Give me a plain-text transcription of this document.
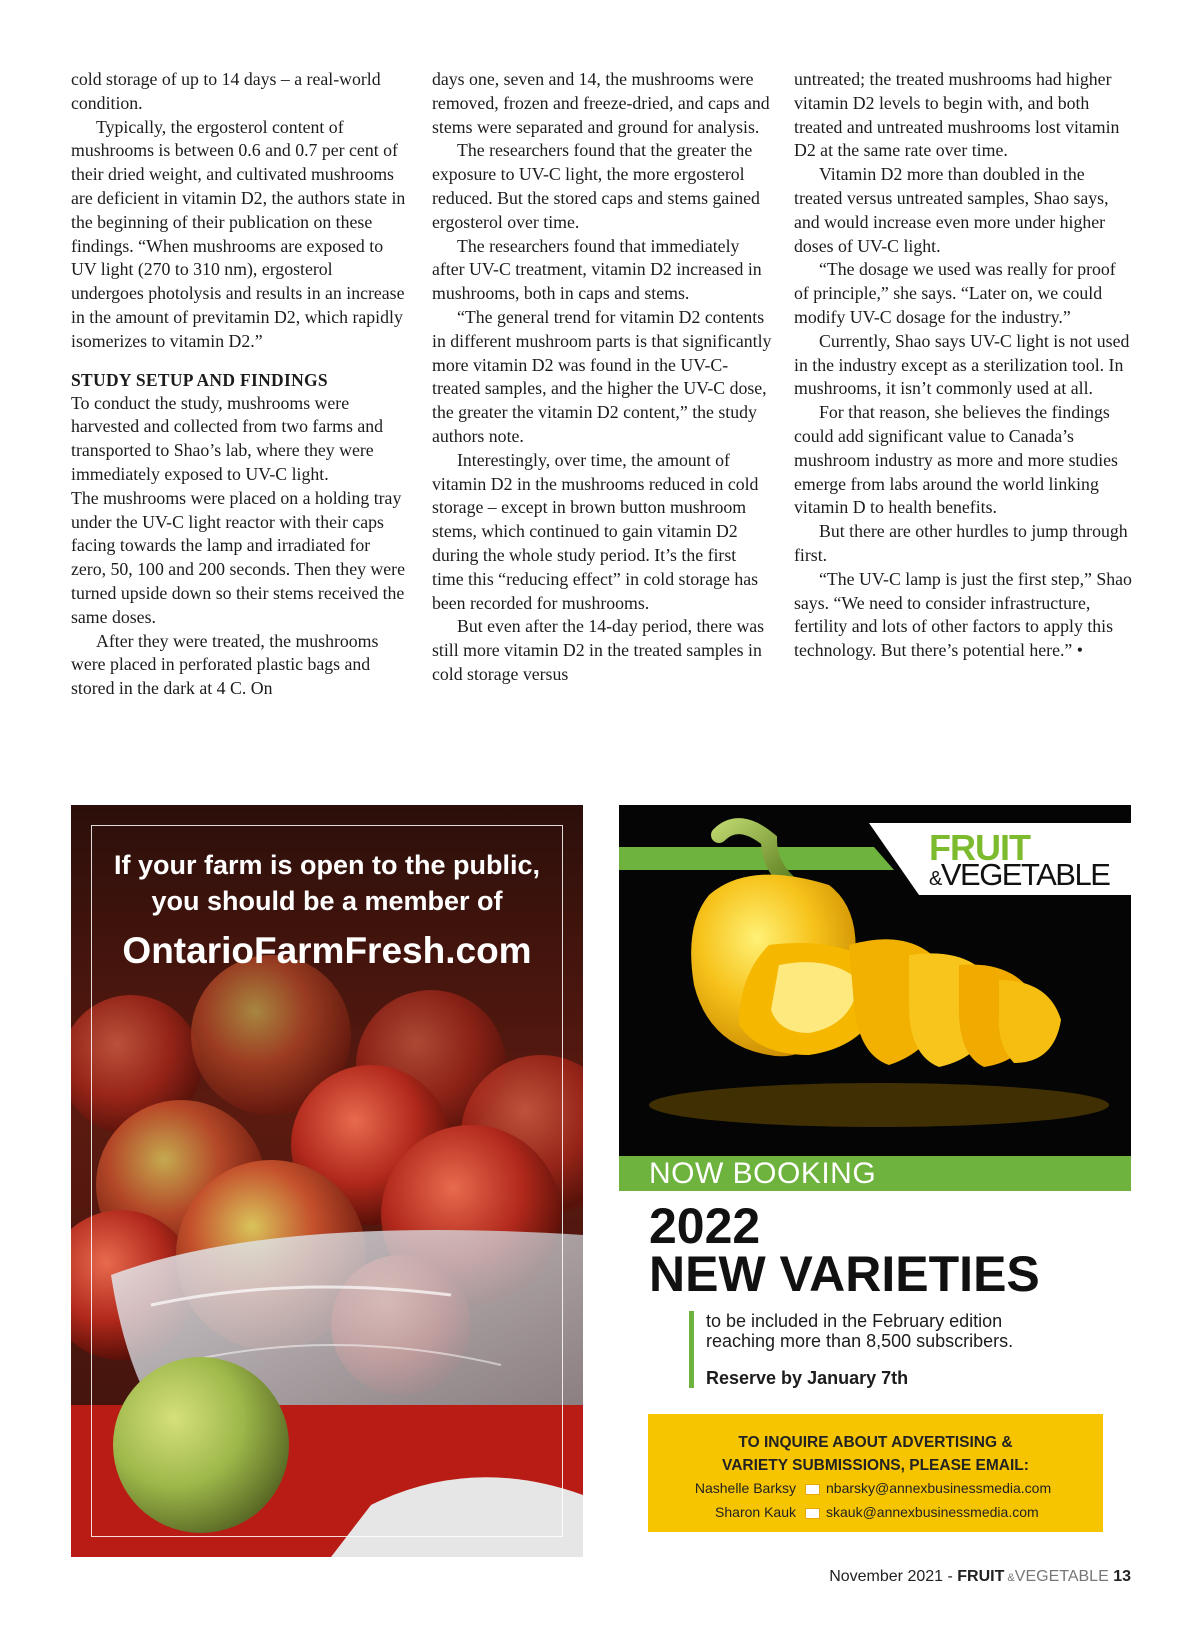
cold storage of up to 14 days – a real-world condition.

Typically, the ergosterol content of mushrooms is between 0.6 and 0.7 per cent of their dried weight, and cultivated mushrooms are deficient in vitamin D2, the authors state in the beginning of their publication on these findings. “When mushrooms are exposed to UV light (270 to 310 nm), ergosterol undergoes photolysis and results in an increase in the amount of previtamin D2, which rapidly isomerizes to vitamin D2.”

STUDY SETUP AND FINDINGS

To conduct the study, mushrooms were harvested and collected from two farms and transported to Shao’s lab, where they were immediately exposed to UV-C light.

The mushrooms were placed on a holding tray under the UV-C light reactor with their caps facing towards the lamp and irradiated for zero, 50, 100 and 200 seconds. Then they were turned upside down so their stems received the same doses.

After they were treated, the mushrooms were placed in perforated plastic bags and stored in the dark at 4 C. On

days one, seven and 14, the mushrooms were removed, frozen and freeze-dried, and caps and stems were separated and ground for analysis.

The researchers found that the greater the exposure to UV-C light, the more ergosterol reduced. But the stored caps and stems gained ergosterol over time.

The researchers found that immediately after UV-C treatment, vitamin D2 increased in mushrooms, both in caps and stems.

“The general trend for vitamin D2 contents in different mushroom parts is that significantly more vitamin D2 was found in the UV-C-treated samples, and the higher the UV-C dose, the greater the vitamin D2 content,” the study authors note.

Interestingly, over time, the amount of vitamin D2 in the mushrooms reduced in cold storage – except in brown button mushroom stems, which continued to gain vitamin D2 during the whole study period. It’s the first time this “reducing effect” in cold storage has been recorded for mushrooms.

But even after the 14-day period, there was still more vitamin D2 in the treated samples in cold storage versus

untreated; the treated mushrooms had higher vitamin D2 levels to begin with, and both treated and untreated mushrooms lost vitamin D2 at the same rate over time.

Vitamin D2 more than doubled in the treated versus untreated samples, Shao says, and would increase even more under higher doses of UV-C light.

“The dosage we used was really for proof of principle,” she says. “Later on, we could modify UV-C dosage for the industry.”

Currently, Shao says UV-C light is not used in the industry except as a sterilization tool. In mushrooms, it isn’t commonly used at all.

For that reason, she believes the findings could add significant value to Canada’s mushroom industry as more and more studies emerge from labs around the world linking vitamin D to health benefits.

But there are other hurdles to jump through first.

“The UV-C lamp is just the first step,” Shao says. “We need to consider infrastructure, fertility and lots of other factors to apply this technology. But there’s potential here.” •

If your farm is open to the public,
you should be a member of
OntarioFarmFresh.com
FRUIT
&VEGETABLE
NOW BOOKING
2022
NEW VARIETIES
to be included in the February edition
reaching more than 8,500 subscribers.
Reserve by January 7th
TO INQUIRE ABOUT ADVERTISING &
VARIETY SUBMISSIONS, PLEASE EMAIL:
Nashelle Barksy nbarsky@annexbusinessmedia.com
Sharon Kauk skauk@annexbusinessmedia.com
November 2021 - FRUIT &VEGETABLE 13
